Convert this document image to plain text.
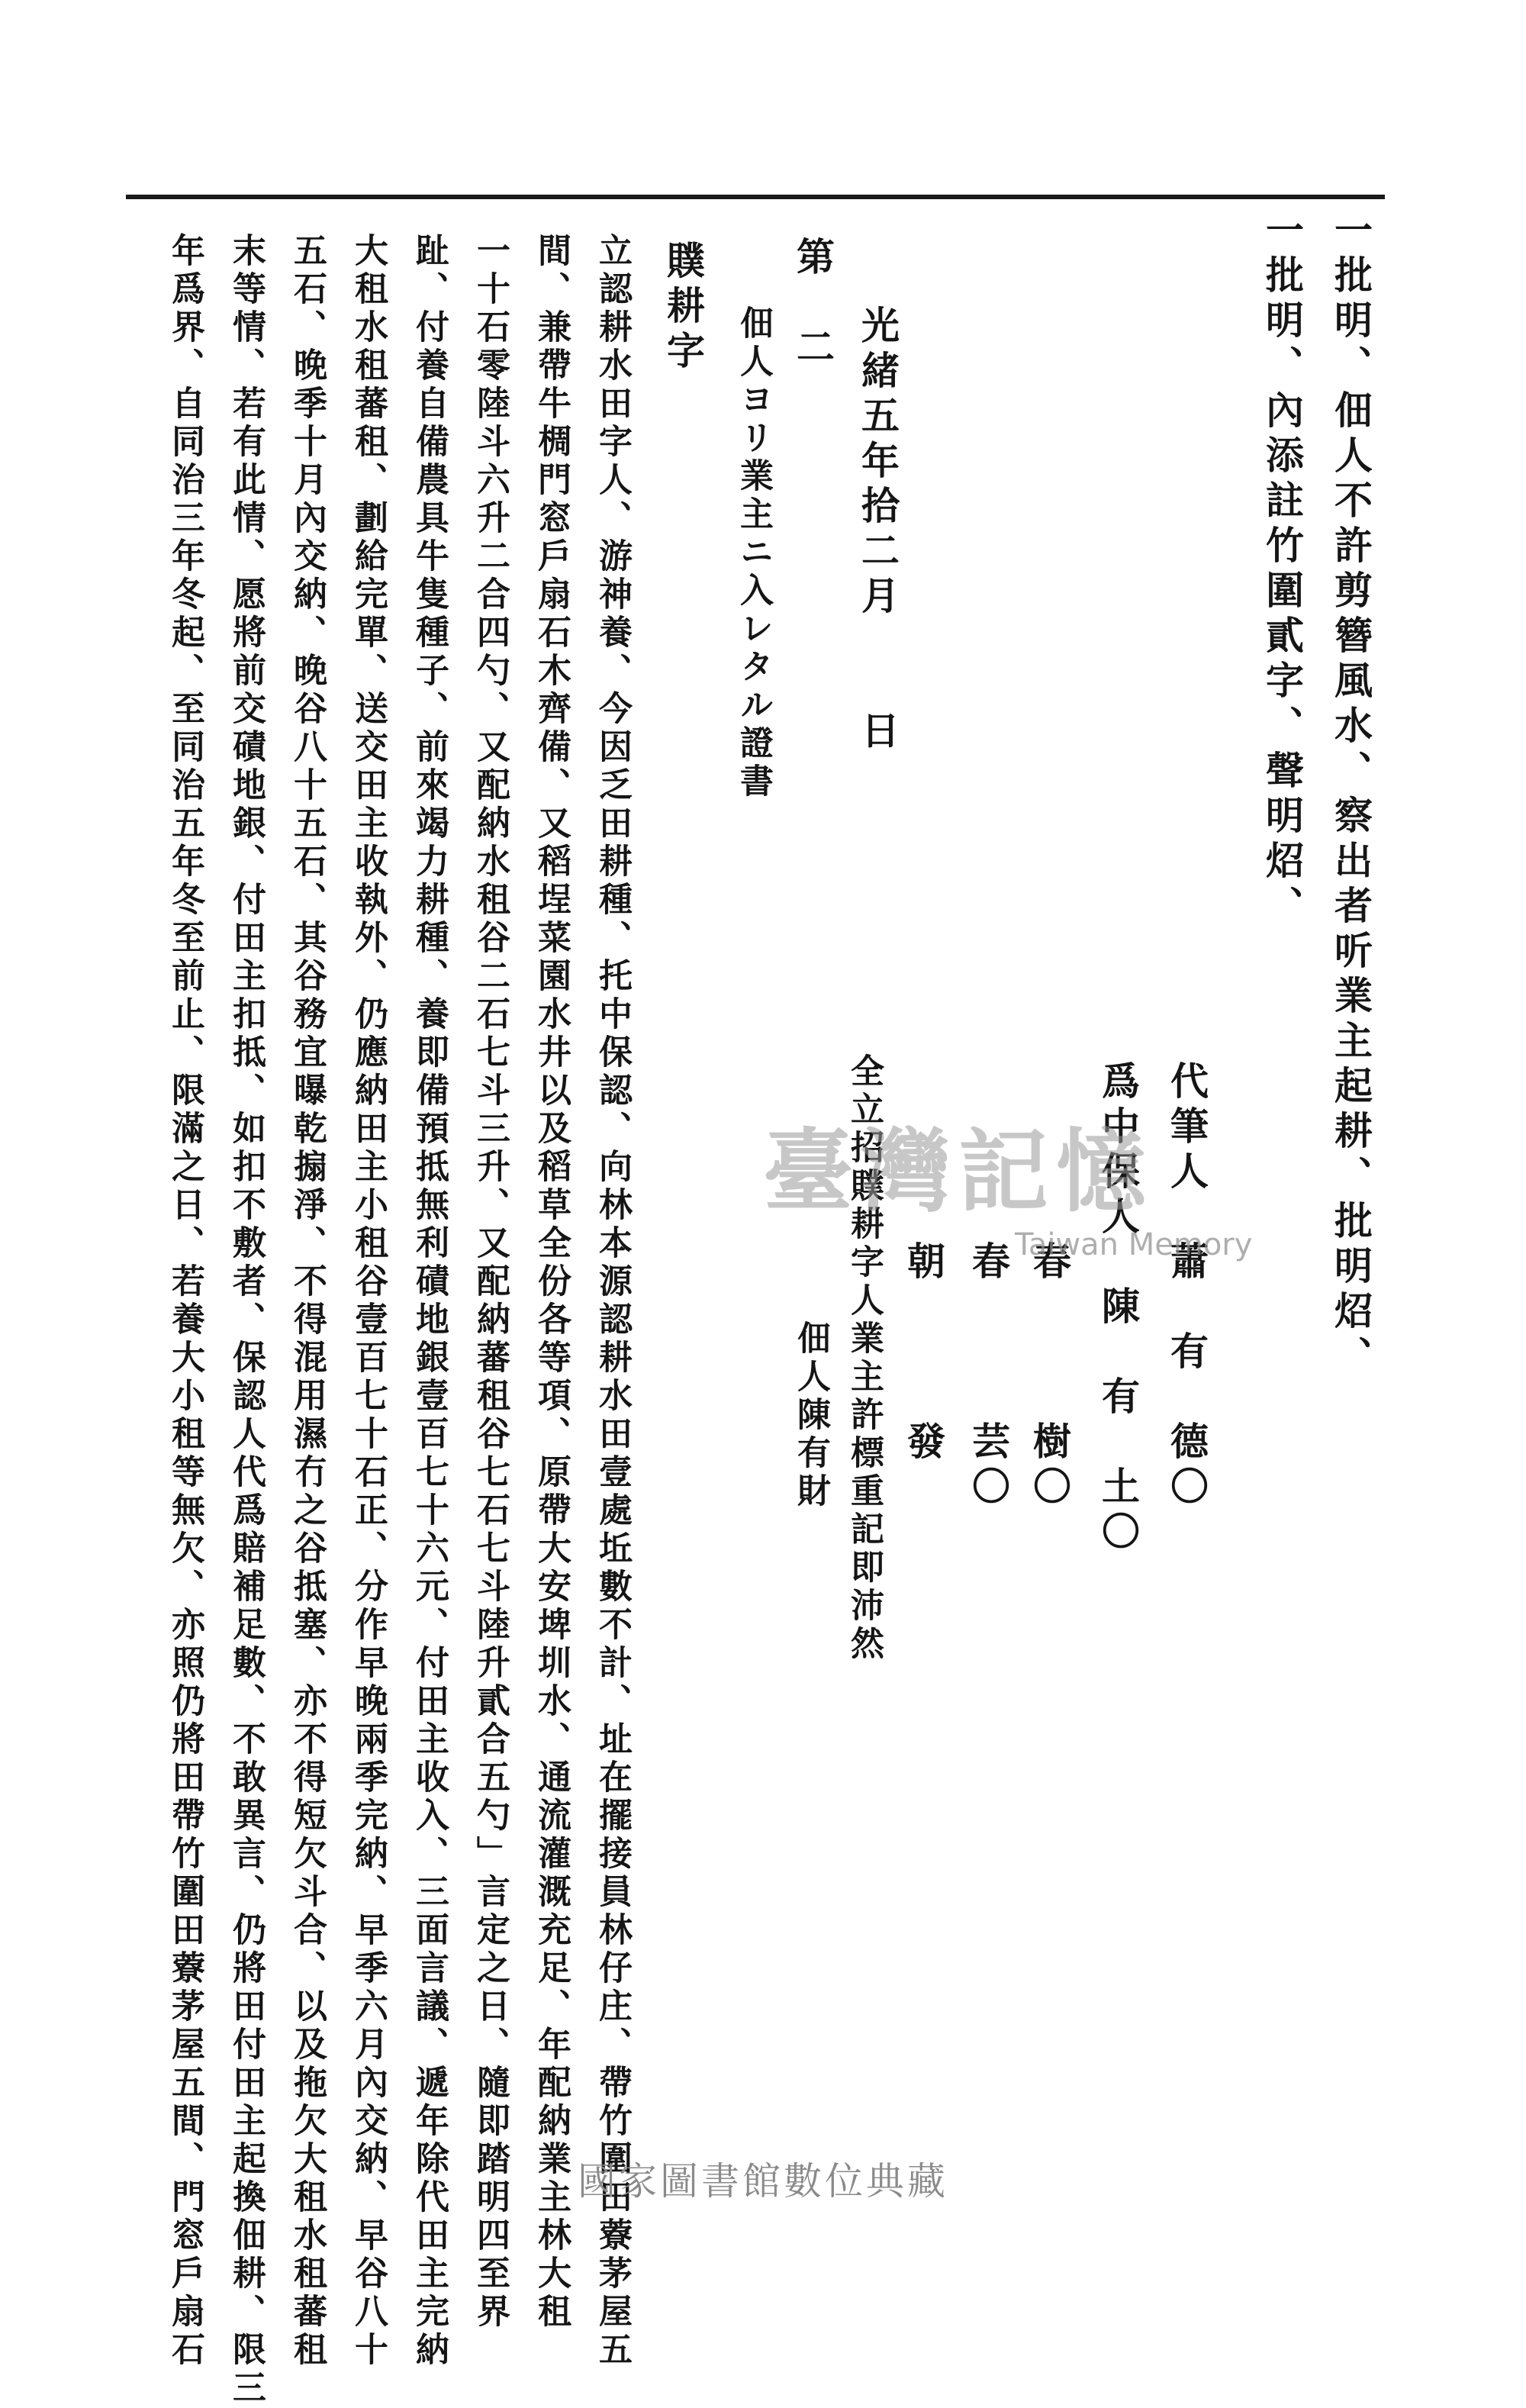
一批明、佃人不許剪簪風水、察出者听業主起耕、批明炤、

一批明、內添註竹圍貳字、聲明炤、

代筆人　蕭　有　德〇

爲中保人　陳　有　土〇

　　　　春　　　樹〇

　　　　春　　　芸〇

　　　　朝　　　發

全立招贌耕字人業主許標重記即沛然

　　　　　　　佃人陳有財

光緒五年拾二月　　日

第　二

佃人ヨリ業主ニ入レタル證書

贌耕字

立認耕水田字人、游神養、今因乏田耕種、托中保認、向林本源認耕水田壹處坵數不計、址在擺接員林仔庄、帶竹圍田藔茅屋五

間、兼帶牛椆門窓戶扇石木齊備、又稻埕菜園水井以及稻草全份各等項、原帶大安埤圳水、通流灌溉充足、年配納業主林大租

一十石零陸斗六升二合四勺、又配納水租谷二石七斗三升、又配納蕃租谷七石七斗陸升貳合五勺」言定之日、隨即踏明四至界

趾、付養自備農具牛隻種子、前來竭力耕種、養即備預抵無利磧地銀壹百七十六元、付田主收入、三面言議、遞年除代田主完納

大租水租蕃租、劃給完單、送交田主收執外、仍應納田主小租谷壹百七十石正、分作早晚兩季完納、早季六月內交納、早谷八十

五石、晚季十月內交納、晚谷八十五石、其谷務宜曝乾搧淨、不得混用濕冇之谷抵塞、亦不得短欠斗合、以及拖欠大租水租蕃租

末等情、若有此情、愿將前交磧地銀、付田主扣抵、如扣不敷者、保認人代爲賠補足數、不敢異言、仍將田付田主起換佃耕、限三

年爲界、自同治三年冬起、至同治五年冬至前止、限滿之日、若養大小租等無欠、亦照仍將田帶竹圍田藔茅屋五間、門窓戶扇石	臺灣記憶
Taiwan Memory
國家圖書館數位典藏
